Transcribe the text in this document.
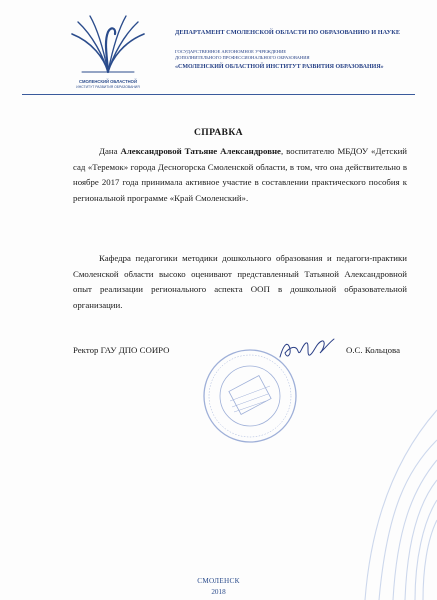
СМОЛЕНСКИЙ ОБЛАСТНОЙ
ИНСТИТУТ РАЗВИТИЯ ОБРАЗОВАНИЯ
ДЕПАРТАМЕНТ СМОЛЕНСКОЙ ОБЛАСТИ ПО ОБРАЗОВАНИЮ И НАУКЕ
ГОСУДАРСТВЕННОЕ АВТОНОМНОЕ УЧРЕЖДЕНИЕ
ДОПОЛНИТЕЛЬНОГО ПРОФЕССИОНАЛЬНОГО ОБРАЗОВАНИЯ
«СМОЛЕНСКИЙ ОБЛАСТНОЙ ИНСТИТУТ РАЗВИТИЯ ОБРАЗОВАНИЯ»
СПРАВКА
Дана Александровой Татьяне Александровне, воспитателю МБДОУ «Детский сад «Теремок» города Десногорска Смоленской области, в том, что она действительно в ноябре 2017 года принимала активное участие в составлении практического пособия к региональной программе «Край Смоленский».
Кафедра педагогики методики дошкольного образования и педагоги-практики Смоленской области высоко оценивают представленный Татьяной Александровной опыт реализации регионального аспекта ООП в дошкольной образовательной организации.
Ректор ГАУ ДПО СОИРО	О.С. Кольцова
СМОЛЕНСК
2018
